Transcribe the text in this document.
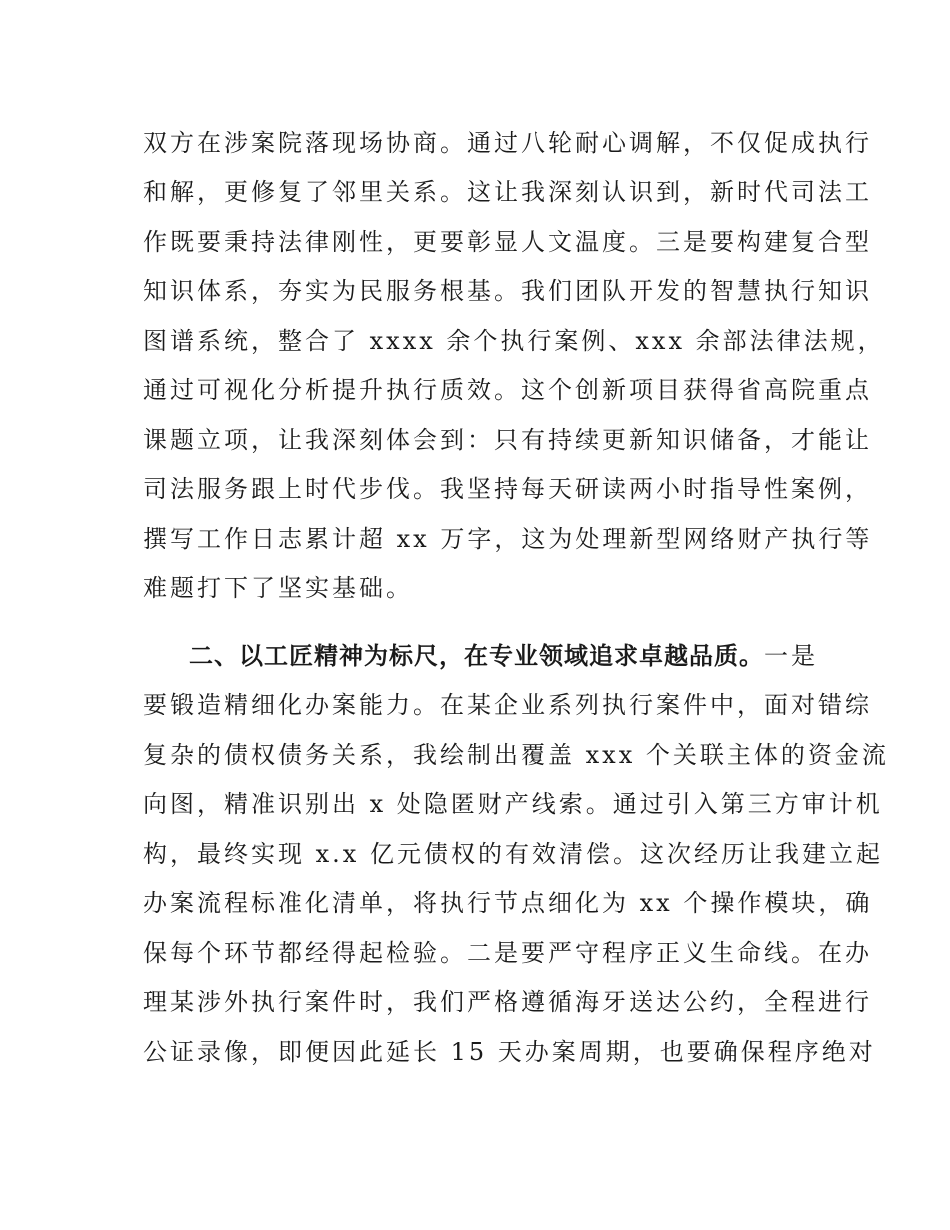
双方在涉案院落现场协商。通过八轮耐心调解，不仅促成执行
和解，更修复了邻里关系。这让我深刻认识到，新时代司法工
作既要秉持法律刚性，更要彰显人文温度。三是要构建复合型
知识体系，夯实为民服务根基。我们团队开发的智慧执行知识
图谱系统，整合了 xxxx 余个执行案例、xxx 余部法律法规，
通过可视化分析提升执行质效。这个创新项目获得省高院重点
课题立项，让我深刻体会到：只有持续更新知识储备，才能让
司法服务跟上时代步伐。我坚持每天研读两小时指导性案例，
撰写工作日志累计超 xx 万字，这为处理新型网络财产执行等
难题打下了坚实基础。
二、以工匠精神为标尺，在专业领域追求卓越品质。一是
要锻造精细化办案能力。在某企业系列执行案件中，面对错综
复杂的债权债务关系，我绘制出覆盖 xxx 个关联主体的资金流
向图，精准识别出 x 处隐匿财产线索。通过引入第三方审计机
构，最终实现 x.x 亿元债权的有效清偿。这次经历让我建立起
办案流程标准化清单，将执行节点细化为 xx 个操作模块，确
保每个环节都经得起检验。二是要严守程序正义生命线。在办
理某涉外执行案件时，我们严格遵循海牙送达公约，全程进行
公证录像，即便因此延长 15 天办案周期，也要确保程序绝对
